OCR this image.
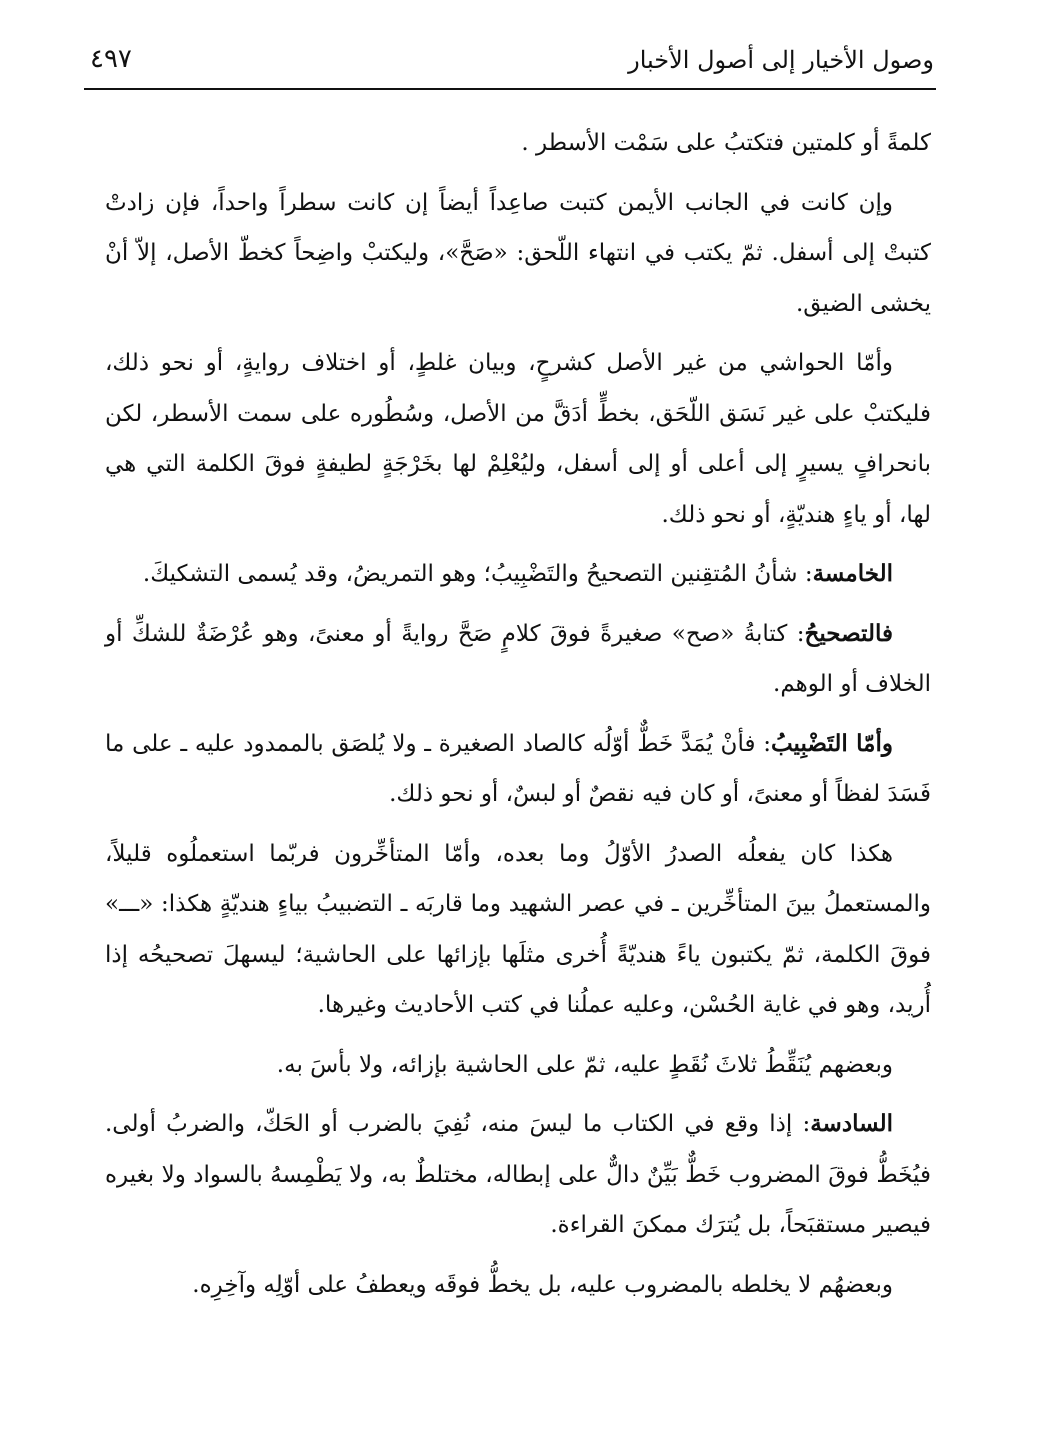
وصول الأخيار إلى أصول الأخبار
٤٩٧

كلمةً أو كلمتين فتكتبُ على سَمْت الأسطر .

وإن كانت في الجانب الأيمن كتبت صاعِداً أيضاً إن كانت سطراً واحداً، فإن زادتْ كتبتْ إلى أسفل. ثمّ يكتب في انتهاء اللّحق: «صَحَّ»، وليكتبْ واضِحاً كخطّ الأصل، إلاّ أنْ يخشى الضيق.

وأمّا الحواشي من غير الأصل كشرحٍ، وبيان غلطٍ، أو اختلاف روايةٍ، أو نحو ذلك، فليكتبْ على غير نَسَق اللّحَق، بخطٍّ أدَقَّ من الأصل، وسُطُوره على سمت الأسطر، لكن بانحرافٍ يسيرٍ إلى أعلى أو إلى أسفل، وليُعْلِمْ لها بخَرْجَةٍ لطيفةٍ فوقَ الكلمة التي هي لها، أو ياءٍ هنديّةٍ، أو نحو ذلك.

الخامسة: شأنُ المُتقِنين التصحيحُ والتَضْبِيبُ؛ وهو التمريضُ، وقد يُسمى التشكيكَ.

فالتصحيحُ: كتابةُ «صح» صغيرةً فوقَ كلامٍ صَحَّ روايةً أو معنىً، وهو عُرْضَةٌ للشكِّ أو الخلاف أو الوهم.

وأمّا التَضْبِيبُ: فأنْ يُمَدَّ خَطٌّ أوّلُه كالصاد الصغيرة ـ ولا يُلصَق بالممدود عليه ـ على ما فَسَدَ لفظاً أو معنىً، أو كان فيه نقصٌ أو لبسٌ، أو نحو ذلك.

هكذا كان يفعلُه الصدرُ الأوّلُ وما بعده، وأمّا المتأخِّرون فربّما استعملُوه قليلاً، والمستعملُ بينَ المتأخِّرين ـ في عصر الشهيد وما قاربَه ـ التضبيبُ بياءٍ هنديّةٍ هكذا: «ـــ» فوقَ الكلمة، ثمّ يكتبون ياءً هنديّةً أُخرى مثلَها بإزائها على الحاشية؛ ليسهلَ تصحيحُه إذا أُريد، وهو في غاية الحُسْن، وعليه عملُنا في كتب الأحاديث وغيرها.

وبعضهم يُنَقِّطُ ثلاثَ نُقَطٍ عليه، ثمّ على الحاشية بإزائه، ولا بأسَ به.

السادسة: إذا وقع في الكتاب ما ليسَ منه، نُفِيَ بالضرب أو الحَكّ، والضربُ أولى. فيُخَطُّ فوقَ المضروب خَطٌّ بَيِّنٌ دالٌّ على إبطاله، مختلطٌ به، ولا يَطْمِسهُ بالسواد ولا بغيره فيصير مستقبَحاً، بل يُترَك ممكنَ القراءة.

وبعضهُم لا يخلطه بالمضروب عليه، بل يخطُّ فوقَه ويعطفُ على أوّلِه وآخِرِه.
